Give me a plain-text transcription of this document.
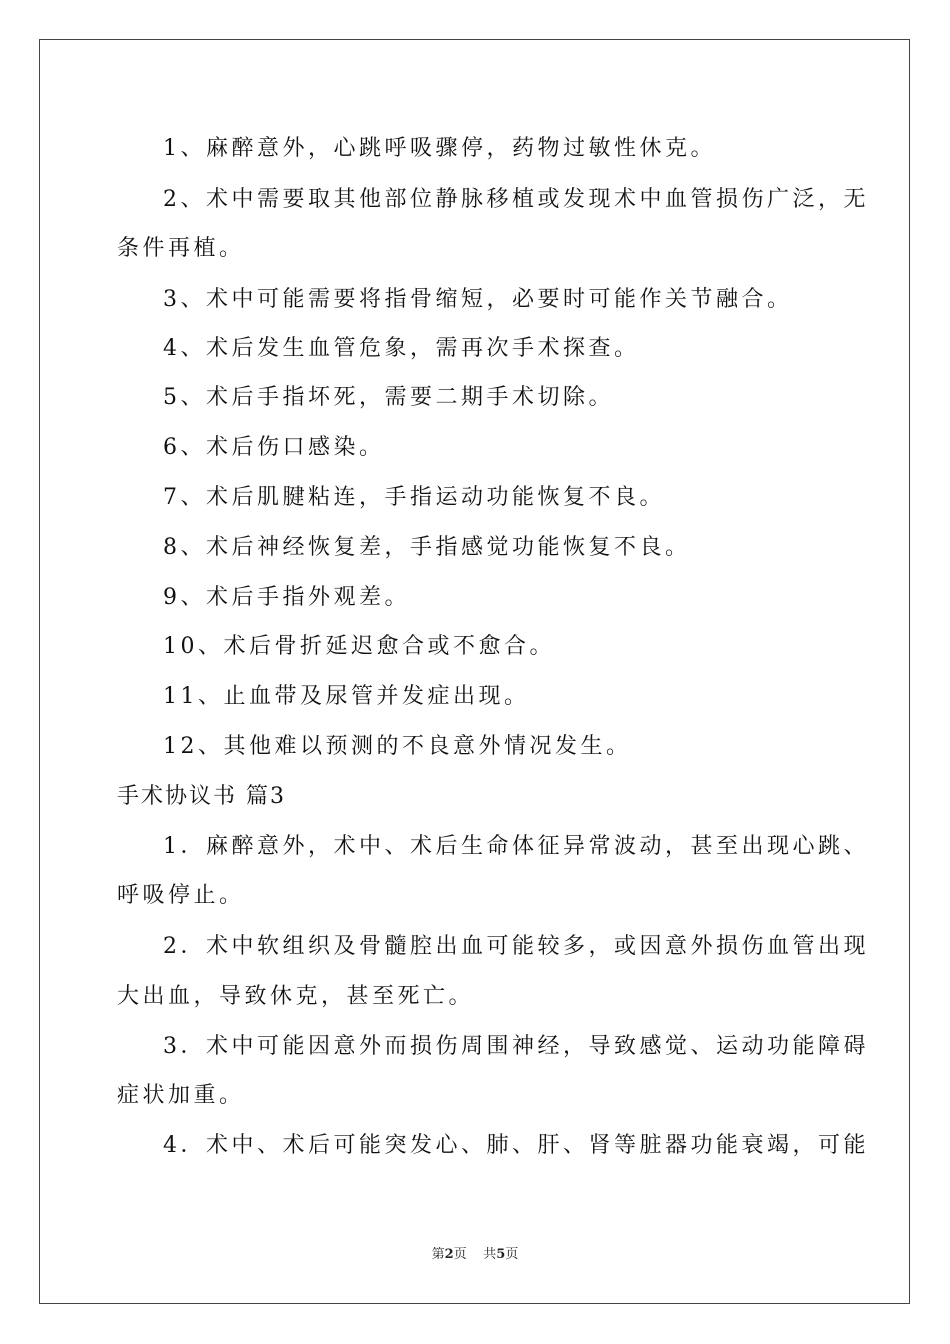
1、麻醉意外，心跳呼吸骤停，药物过敏性休克。
2、术中需要取其他部位静脉移植或发现术中血管损伤广泛，无
条件再植。
3、术中可能需要将指骨缩短，必要时可能作关节融合。
4、术后发生血管危象，需再次手术探查。
5、术后手指坏死，需要二期手术切除。
6、术后伤口感染。
7、术后肌腱粘连，手指运动功能恢复不良。
8、术后神经恢复差，手指感觉功能恢复不良。
9、术后手指外观差。
10、术后骨折延迟愈合或不愈合。
11、止血带及尿管并发症出现。
12、其他难以预测的不良意外情况发生。
手术协议书 篇3
1．麻醉意外，术中、术后生命体征异常波动，甚至出现心跳、
呼吸停止。
2．术中软组织及骨髓腔出血可能较多，或因意外损伤血管出现
大出血，导致休克，甚至死亡。
3．术中可能因意外而损伤周围神经，导致感觉、运动功能障碍
症状加重。
4．术中、术后可能突发心、肺、肝、肾等脏器功能衰竭，可能
第2页 共5页
